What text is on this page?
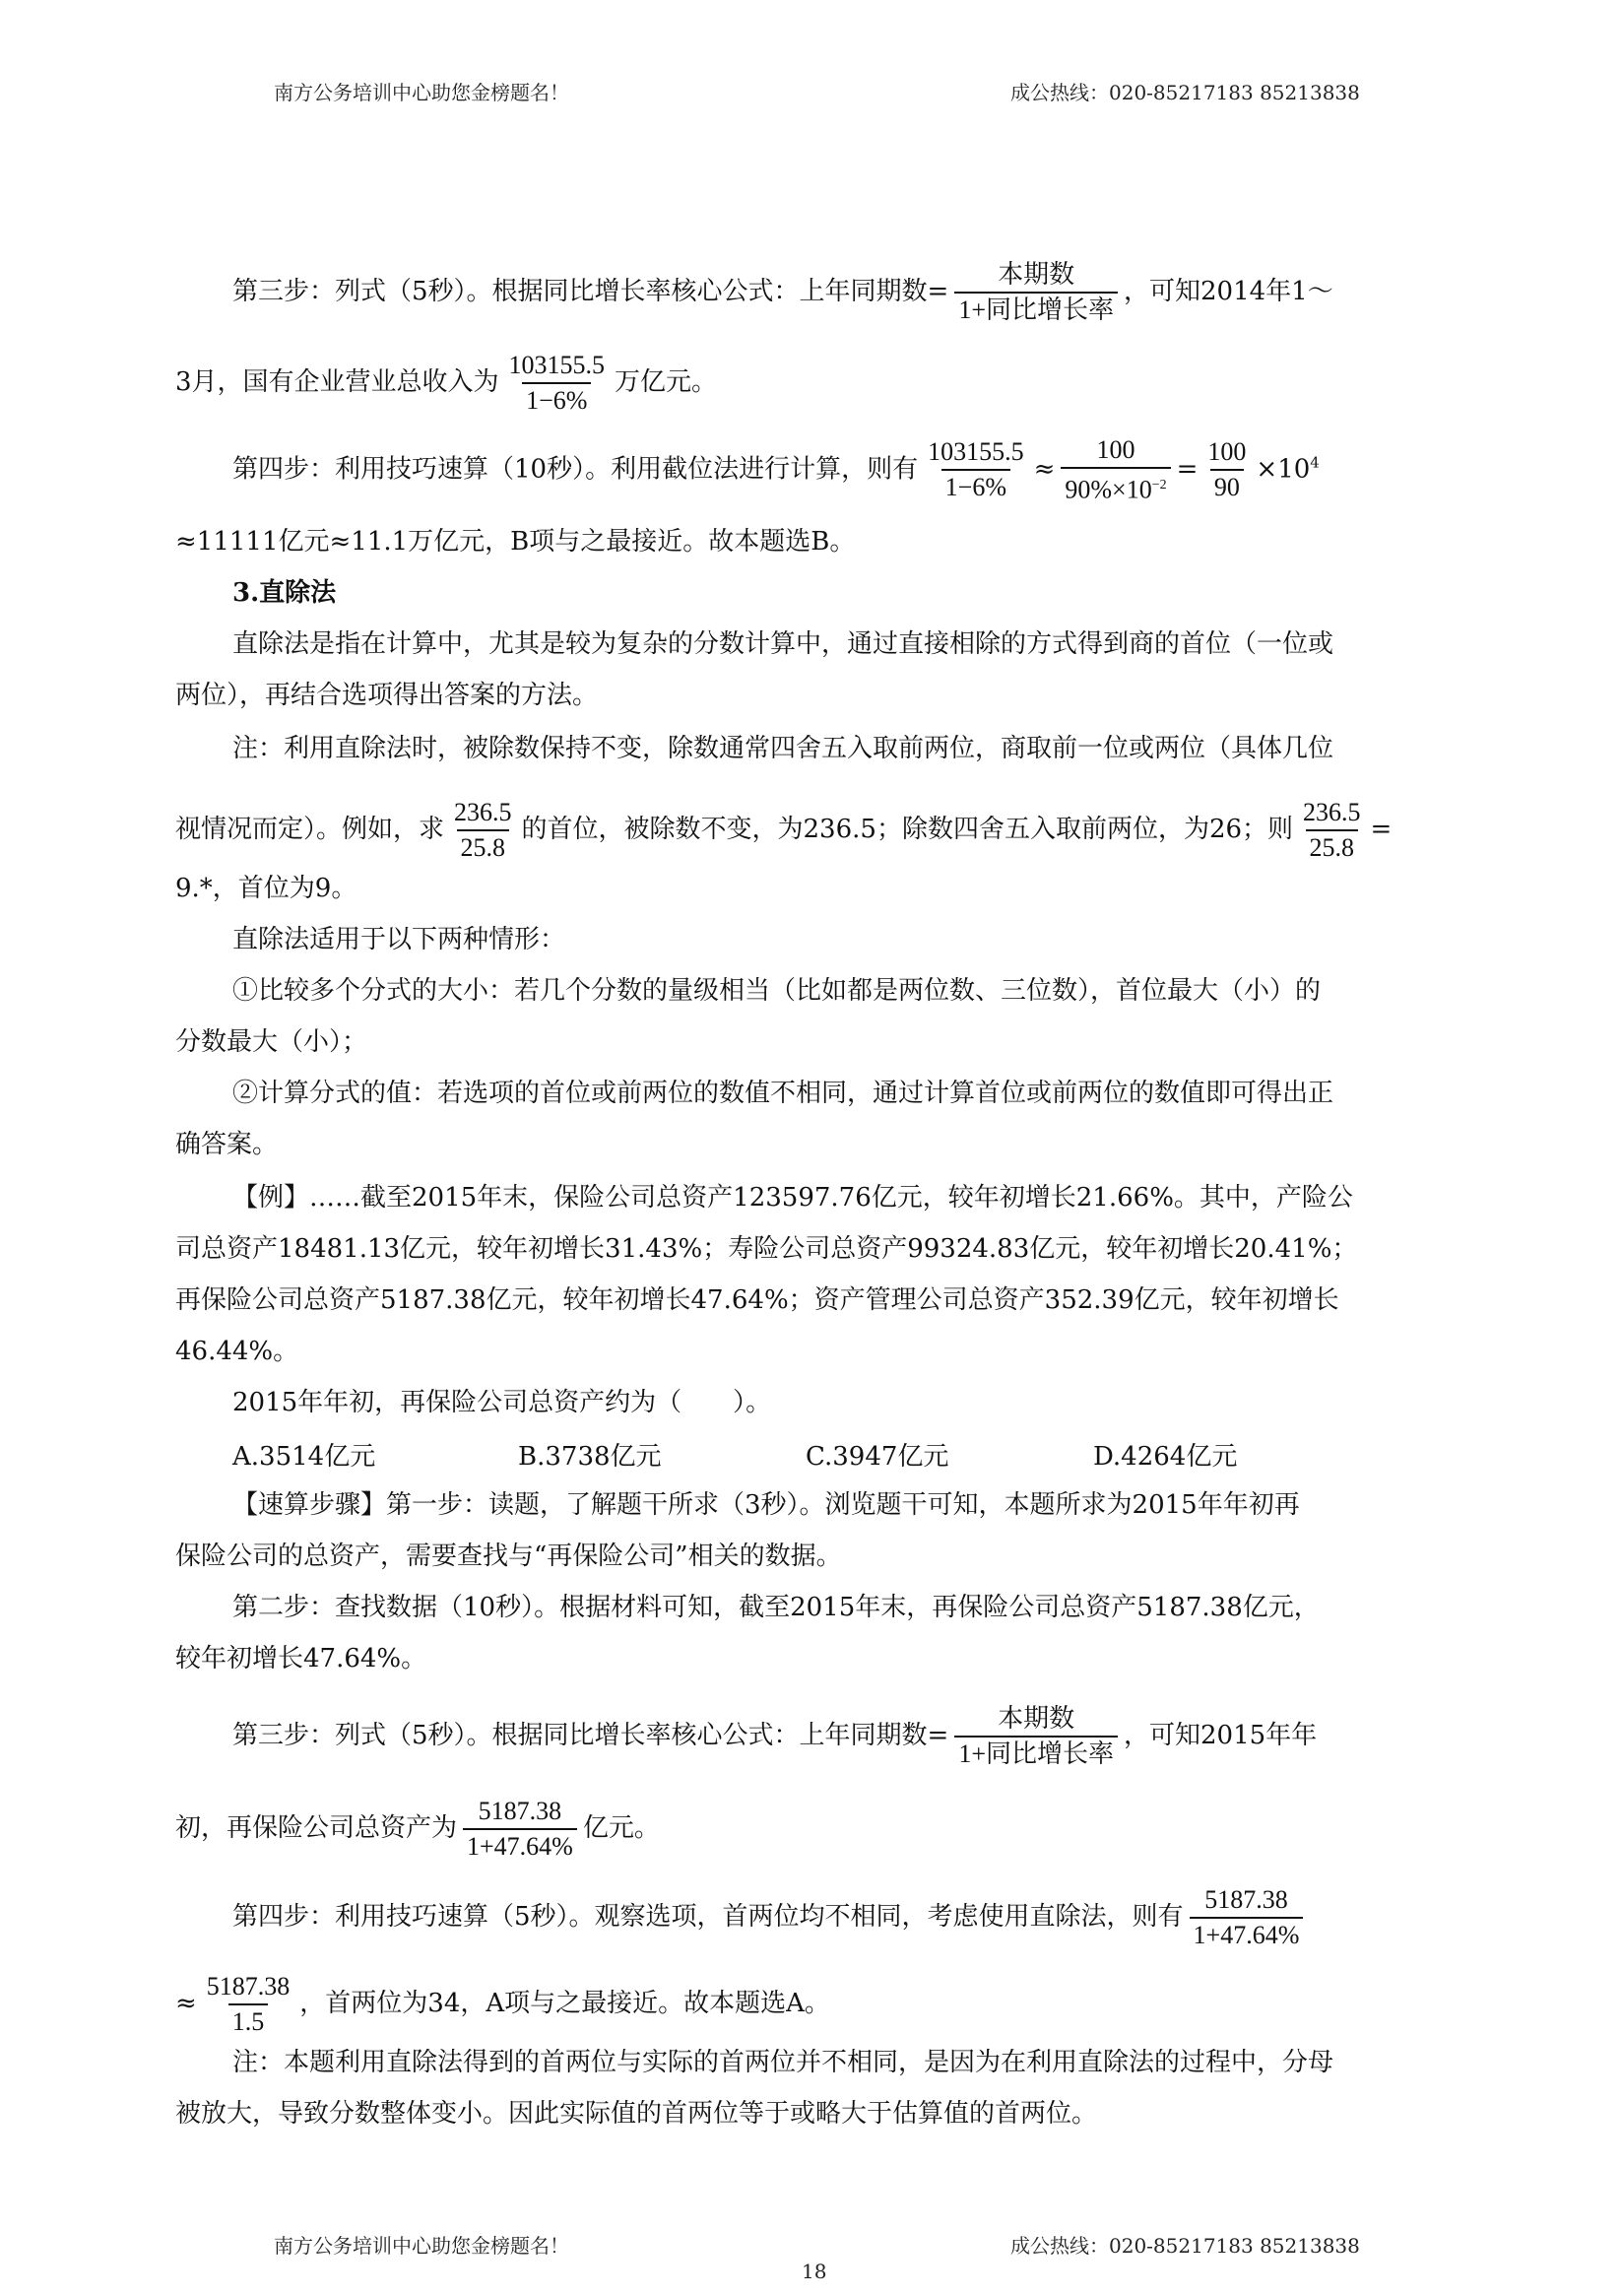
南方公务培训中心助您金榜题名！	成公热线：020-85217183 85213838
第三步：列式（5秒）。根据同比增长率核心公式：上年同期数= $\frac{\text{本期数}}{\text{1+同比增长率}}$ ，可知2014年1～
3月，国有企业营业总收入为 $\frac{103155.5}{1-6\%}$ 万亿元。
第四步：利用技巧速算（10秒）。利用截位法进行计算，则有 $\frac{103155.5}{1-6\%} \approx \frac{100}{90\%\times 10^{-2}} = \frac{100}{90} \times 10^4$
≈11111亿元≈11.1万亿元，B项与之最接近。故本题选B。
3.直除法
直除法是指在计算中，尤其是较为复杂的分数计算中，通过直接相除的方式得到商的首位（一位或
两位），再结合选项得出答案的方法。
注：利用直除法时，被除数保持不变，除数通常四舍五入取前两位，商取前一位或两位（具体几位
视情况而定）。例如，求 $\frac{236.5}{25.8}$ 的首位，被除数不变，为236.5；除数四舍五入取前两位，为26；则 $\frac{236.5}{25.8}$ =
9.*，首位为9。
直除法适用于以下两种情形：
①比较多个分式的大小：若几个分数的量级相当（比如都是两位数、三位数），首位最大（小）的
分数最大（小）；
②计算分式的值：若选项的首位或前两位的数值不相同，通过计算首位或前两位的数值即可得出正
确答案。
【例】……截至2015年末，保险公司总资产123597.76亿元，较年初增长21.66%。其中，产险公
司总资产18481.13亿元，较年初增长31.43%；寿险公司总资产99324.83亿元，较年初增长20.41%；
再保险公司总资产5187.38亿元，较年初增长47.64%；资产管理公司总资产352.39亿元，较年初增长
46.44%。
2015年年初，再保险公司总资产约为（　　）。
A.3514亿元	B.3738亿元	C.3947亿元	D.4264亿元
【速算步骤】第一步：读题，了解题干所求（3秒）。浏览题干可知，本题所求为2015年年初再
保险公司的总资产，需要查找与“再保险公司”相关的数据。
第二步：查找数据（10秒）。根据材料可知，截至2015年末，再保险公司总资产5187.38亿元，
较年初增长47.64%。
第三步：列式（5秒）。根据同比增长率核心公式：上年同期数= $\frac{\text{本期数}}{\text{1+同比增长率}}$ ，可知2015年年
初，再保险公司总资产为 $\frac{5187.38}{1+47.64\%}$ 亿元。
第四步：利用技巧速算（5秒）。观察选项，首两位均不相同，考虑使用直除法，则有 $\frac{5187.38}{1+47.64\%}$
≈ $\frac{5187.38}{1.5}$ ，首两位为34，A项与之最接近。故本题选A。
注：本题利用直除法得到的首两位与实际的首两位并不相同，是因为在利用直除法的过程中，分母
被放大，导致分数整体变小。因此实际值的首两位等于或略大于估算值的首两位。
南方公务培训中心助您金榜题名！	成公热线：020-85217183 85213838
18
